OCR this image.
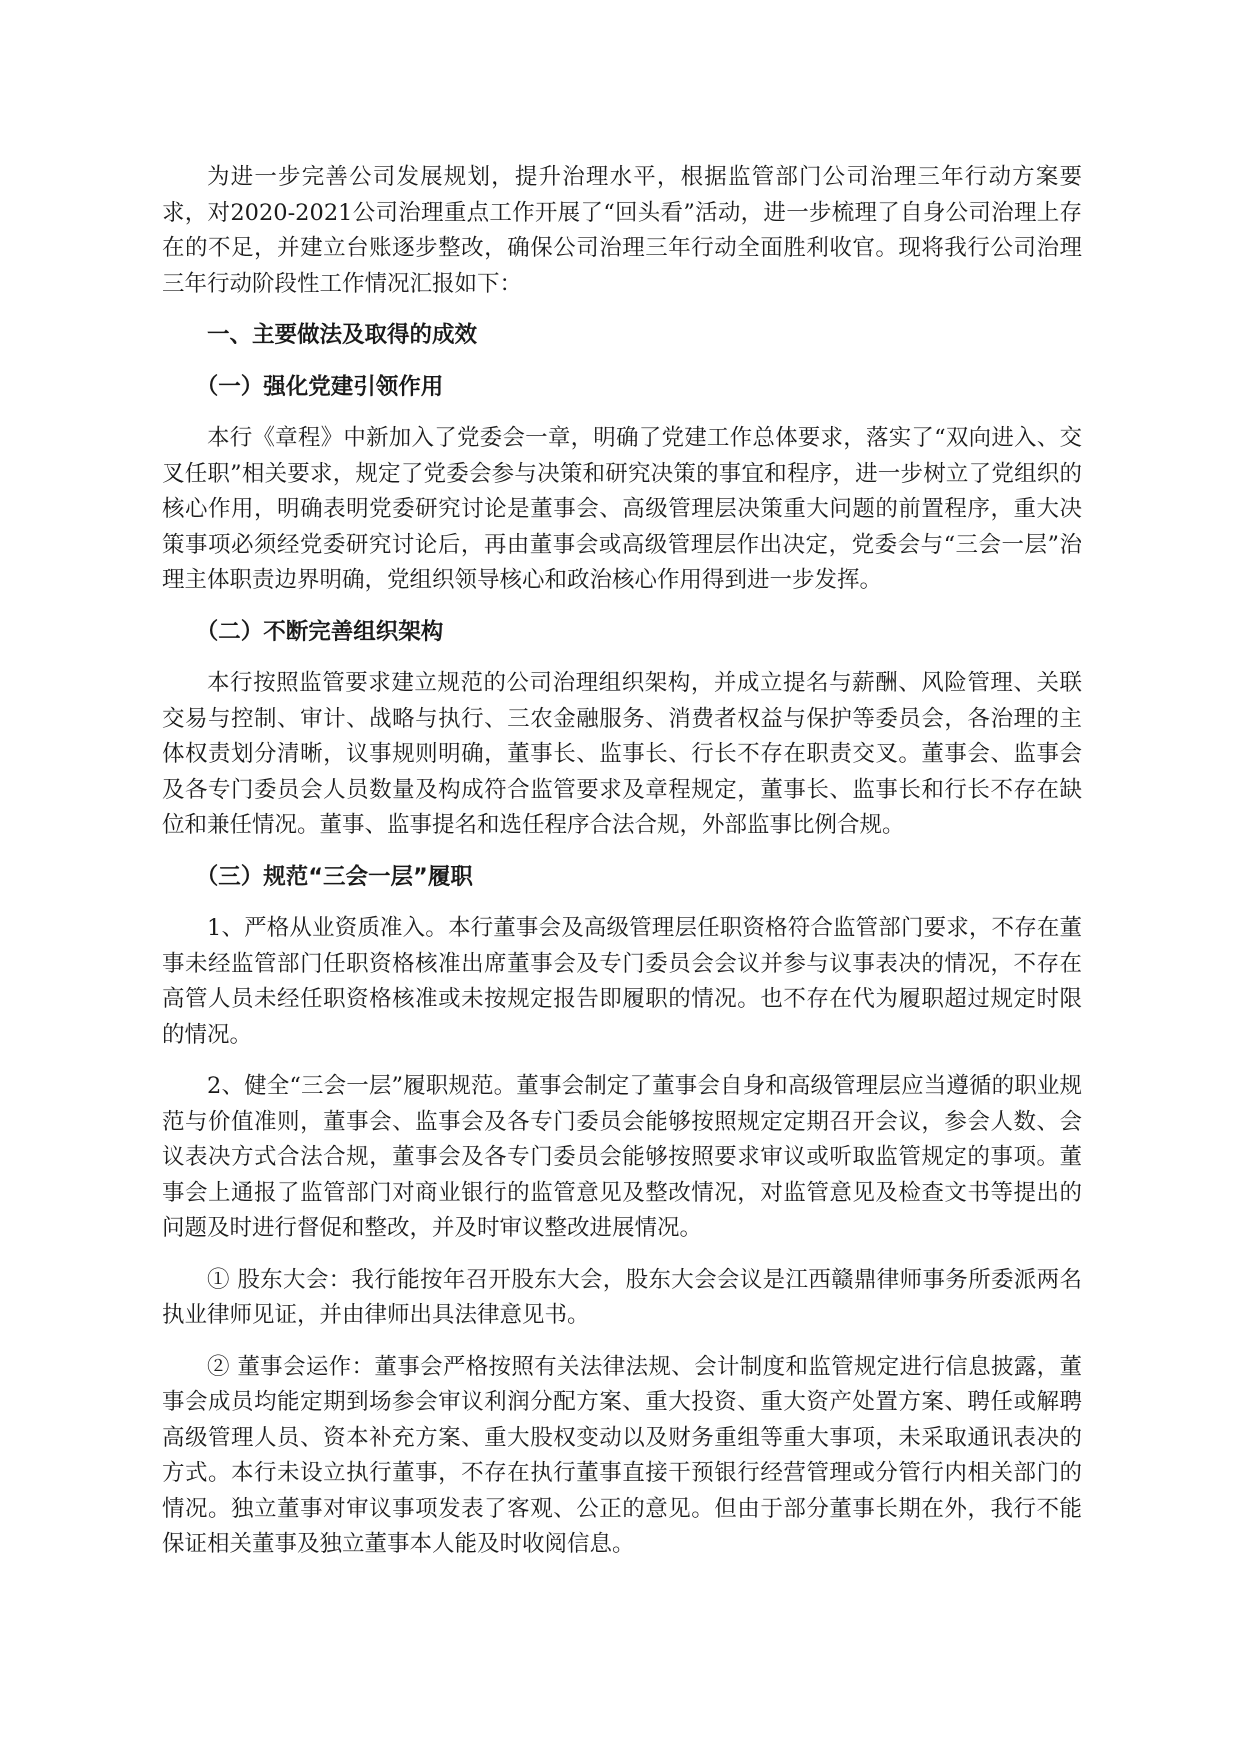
为进一步完善公司发展规划，提升治理水平，根据监管部门公司治理三年行动方案要求，对2020-2021公司治理重点工作开展了“回头看”活动，进一步梳理了自身公司治理上存在的不足，并建立台账逐步整改，确保公司治理三年行动全面胜利收官。现将我行公司治理三年行动阶段性工作情况汇报如下：

一、主要做法及取得的成效

（一）强化党建引领作用

本行《章程》中新加入了党委会一章，明确了党建工作总体要求，落实了“双向进入、交叉任职”相关要求，规定了党委会参与决策和研究决策的事宜和程序，进一步树立了党组织的核心作用，明确表明党委研究讨论是董事会、高级管理层决策重大问题的前置程序，重大决策事项必须经党委研究讨论后，再由董事会或高级管理层作出决定，党委会与“三会一层”治理主体职责边界明确，党组织领导核心和政治核心作用得到进一步发挥。

（二）不断完善组织架构

本行按照监管要求建立规范的公司治理组织架构，并成立提名与薪酬、风险管理、关联交易与控制、审计、战略与执行、三农金融服务、消费者权益与保护等委员会，各治理的主体权责划分清晰，议事规则明确，董事长、监事长、行长不存在职责交叉。董事会、监事会及各专门委员会人员数量及构成符合监管要求及章程规定，董事长、监事长和行长不存在缺位和兼任情况。董事、监事提名和选任程序合法合规，外部监事比例合规。

（三）规范“三会一层”履职

1、严格从业资质准入。本行董事会及高级管理层任职资格符合监管部门要求，不存在董事未经监管部门任职资格核准出席董事会及专门委员会会议并参与议事表决的情况，不存在高管人员未经任职资格核准或未按规定报告即履职的情况。也不存在代为履职超过规定时限的情况。

2、健全“三会一层”履职规范。董事会制定了董事会自身和高级管理层应当遵循的职业规范与价值准则，董事会、监事会及各专门委员会能够按照规定定期召开会议，参会人数、会议表决方式合法合规，董事会及各专门委员会能够按照要求审议或听取监管规定的事项。董事会上通报了监管部门对商业银行的监管意见及整改情况，对监管意见及检查文书等提出的问题及时进行督促和整改，并及时审议整改进展情况。

① 股东大会：我行能按年召开股东大会，股东大会会议是江西赣鼎律师事务所委派两名执业律师见证，并由律师出具法律意见书。

② 董事会运作：董事会严格按照有关法律法规、会计制度和监管规定进行信息披露，董事会成员均能定期到场参会审议利润分配方案、重大投资、重大资产处置方案、聘任或解聘高级管理人员、资本补充方案、重大股权变动以及财务重组等重大事项，未采取通讯表决的方式。本行未设立执行董事，不存在执行董事直接干预银行经营管理或分管行内相关部门的情况。独立董事对审议事项发表了客观、公正的意见。但由于部分董事长期在外，我行不能保证相关董事及独立董事本人能及时收阅信息。
